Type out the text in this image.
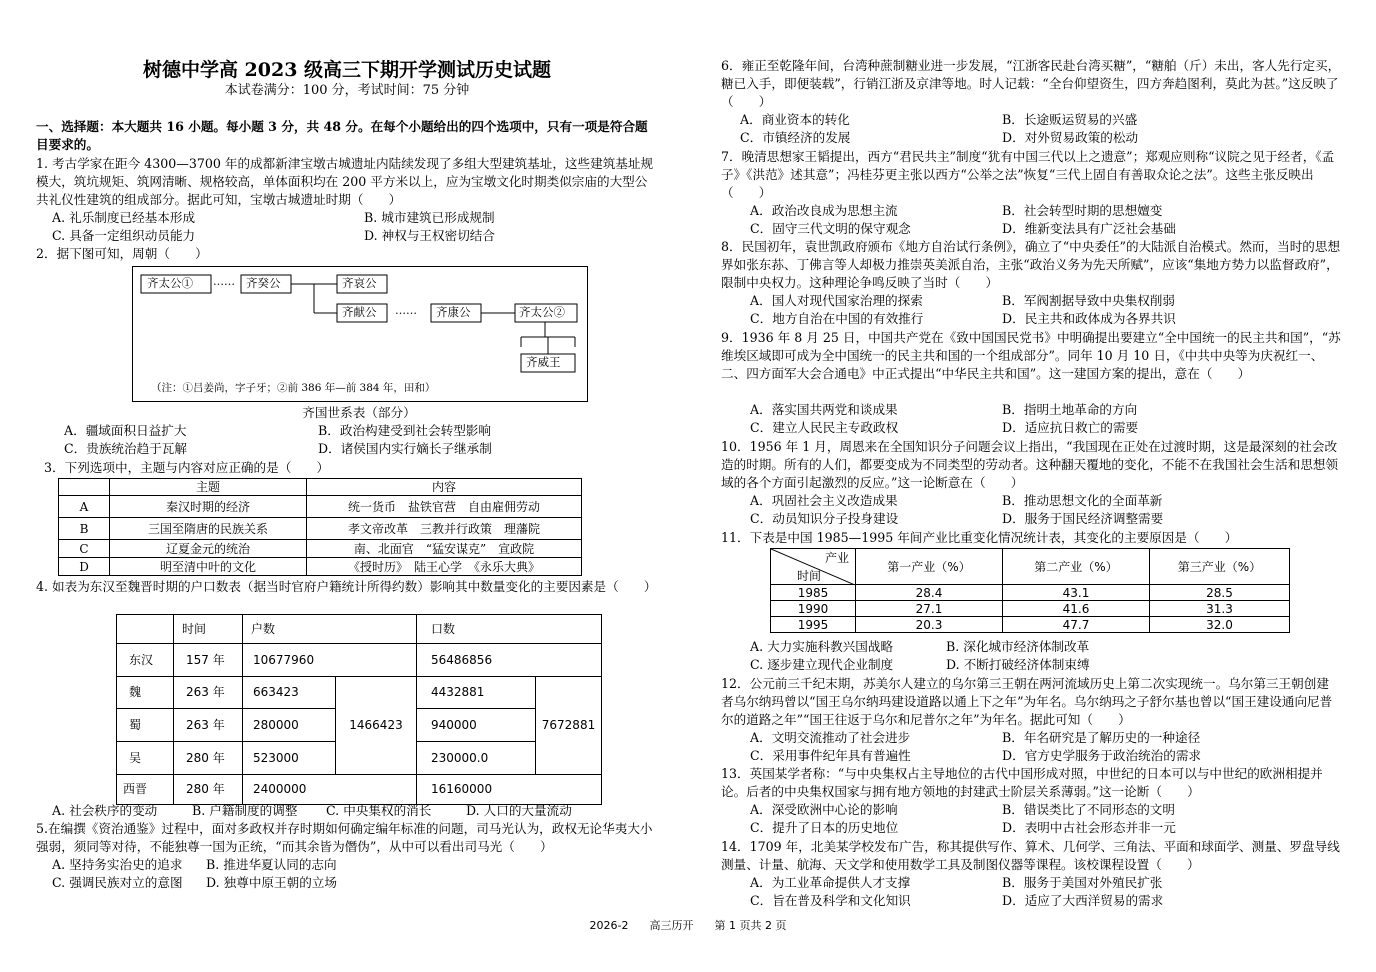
树德中学高 2023 级高三下期开学测试历史试题
本试卷满分：100 分，考试时间：75 分钟
一、选择题：本大题共 16 小题。每小题 3 分，共 48 分。在每个小题给出的四个选项中，只有一项是符合题目要求的。
1. 考古学家在距今 4300—3700 年的成都新津宝墩古城遗址内陆续发现了多组大型建筑基址，这些建筑基址规模大，筑坑规矩、筑网清晰、规格较高，单体面积均在 200 平方米以上，应为宝墩文化时期类似宗庙的大型公共礼仪性建筑的组成部分。据此可知，宝墩古城遗址时期（　　）
A. 礼乐制度已经基本形成	B. 城市建筑已形成规制
C. 具备一定组织动员能力	D. 神权与王权密切结合
2．据下图可知，周朝（　　）
齐太公① …… 齐癸公	齐哀公
齐献公 …… 齐康公	齐太公②
齐威王
（注：①吕姜尚，字子牙；②前 386 年—前 384 年，田和）
齐国世系表（部分）
A．疆域面积日益扩大	B．政治构建受到社会转型影响
C．贵族统治趋于瓦解	D．诸侯国内实行嫡长子继承制
3．下列选项中，主题与内容对应正确的是（　　）
	主题	内容
A	秦汉时期的经济	统一货币　盐铁官营　自由雇佣劳动
B	三国至隋唐的民族关系	孝文帝改革　三教并行政策　理藩院
C	辽夏金元的统治	南、北面官　“猛安谋克”　宣政院
D	明至清中叶的文化	《授时历》　陆王心学　《永乐大典》
4. 如表为东汉至魏晋时期的户口数表（据当时官府户籍统计所得约数）影响其中数量变化的主要因素是（　　）
	时间	户数		口数	
东汉	157 年	10677960		56486856	
魏	263 年	663423	1466423	4432881	7672881
蜀	263 年	280000		940000	
吴	280 年	523000		230000.0	
西晋	280 年	2400000		16160000	
A. 社会秩序的变动	B. 户籍制度的调整 C. 中央集权的消长	D. 人口的大量流动
5.在编撰《资治通鉴》过程中，面对多政权并存时期如何确定编年标准的问题，司马光认为，政权无论华夷大小强弱，须同等对待，不能独尊一国为正统，“而其余皆为僭伪”，从中可以看出司马光（　　）
A. 坚持务实治史的追求 B. 推进华夏认同的志向
C. 强调民族对立的意图 D. 独尊中原王朝的立场
6．雍正至乾隆年间，台湾种蔗制糖业进一步发展，“江浙客民赴台湾买糖”，“糖舶（斤）未出，客人先行定买，糖已入手，即便装载”，行销江浙及京津等地。时人记载：“全台仰望资生，四方奔趋图利，莫此为甚。”这反映了（　　）
A．商业资本的转化	B．长途贩运贸易的兴盛
C．市镇经济的发展	D．对外贸易政策的松动
7．晚清思想家王韬提出，西方“君民共主”制度“犹有中国三代以上之遗意”；郑观应则称“议院之见于经者，《孟子》《洪范》述其意”；冯桂芬更主张以西方“公举之法”恢复“三代上固自有善取众论之法”。这些主张反映出（　　）
A．政治改良成为思想主流	B．社会转型时期的思想嬗变
C．固守三代文明的保守观念	D．维新变法具有广泛社会基础
8．民国初年，袁世凯政府颁布《地方自治试行条例》，确立了“中央委任”的大陆派自治模式。然而，当时的思想界如张东荪、丁佛言等人却极力推崇英美派自治，主张“政治义务为先天所赋”，应该“集地方势力以监督政府”，限制中央权力。这种理论争鸣反映了当时（　　）
A．国人对现代国家治理的探索	B．军阀割据导致中央集权削弱
C．地方自治在中国的有效推行	D．民主共和政体成为各界共识
9．1936 年 8 月 25 日，中国共产党在《致中国国民党书》中明确提出要建立“全中国统一的民主共和国”，“苏维埃区域即可成为全中国统一的民主共和国的一个组成部分”。同年 10 月 10 日，《中共中央等为庆祝红一、二、四方面军大会合通电》中正式提出“中华民主共和国”。这一建国方案的提出，意在（　　）
A．落实国共两党和谈成果	B．指明土地革命的方向
C．建立人民民主专政政权	D．适应抗日救亡的需要
10．1956 年 1 月，周恩来在全国知识分子问题会议上指出，“我国现在正处在过渡时期，这是最深刻的社会改造的时期。所有的人们，都要变成为不同类型的劳动者。这种翻天覆地的变化，不能不在我国社会生活和思想领域的各个方面引起激烈的反应。”这一论断意在（　　）
A．巩固社会主义改造成果	B．推动思想文化的全面革新
C．动员知识分子投身建设	D．服务于国民经济调整需要
11．下表是中国 1985—1995 年间产业比重变化情况统计表，其变化的主要原因是（　　）
产业
时间	第一产业（%）	第二产业（%）	第三产业（%）
1985	28.4	43.1	28.5
1990	27.1	41.6	31.3
1995	20.3	47.7	32.0
A. 大力实施科教兴国战略	B. 深化城市经济体制改革
C. 逐步建立现代企业制度	D. 不断打破经济体制束缚
12．公元前三千纪末期，苏美尔人建立的乌尔第三王朝在两河流域历史上第二次实现统一。乌尔第三王朝创建者乌尔纳玛曾以“国王乌尔纳玛建设道路以通上下之年”为年名。乌尔纳玛之子舒尔基也曾以“国王建设通向尼普尔的道路之年”“国王往返于乌尔和尼普尔之年”为年名。据此可知（　　）
A．文明交流推动了社会进步	B．年名研究是了解历史的一种途径
C．采用事件纪年具有普遍性	D．官方史学服务于政治统治的需求
13．英国某学者称：“与中央集权占主导地位的古代中国形成对照，中世纪的日本可以与中世纪的欧洲相提并论。后者的中央集权国家与拥有地方领地的封建武士阶层关系薄弱。”这一论断（　　）
A．深受欧洲中心论的影响	B．错误类比了不同形态的文明
C．提升了日本的历史地位	D．表明中古社会形态并非一元
14．1709 年，北美某学校发布广告，称其提供写作、算术、几何学、三角法、平面和球面学、测量、罗盘导线测量、计量、航海、天文学和使用数学工具及制图仪器等课程。该校课程设置（　　）
A．为工业革命提供人才支撑	B．服务于美国对外殖民扩张
C．旨在普及科学和文化知识	D．适应了大西洋贸易的需求
2026-2 高三历开 第 1 页共 2 页
